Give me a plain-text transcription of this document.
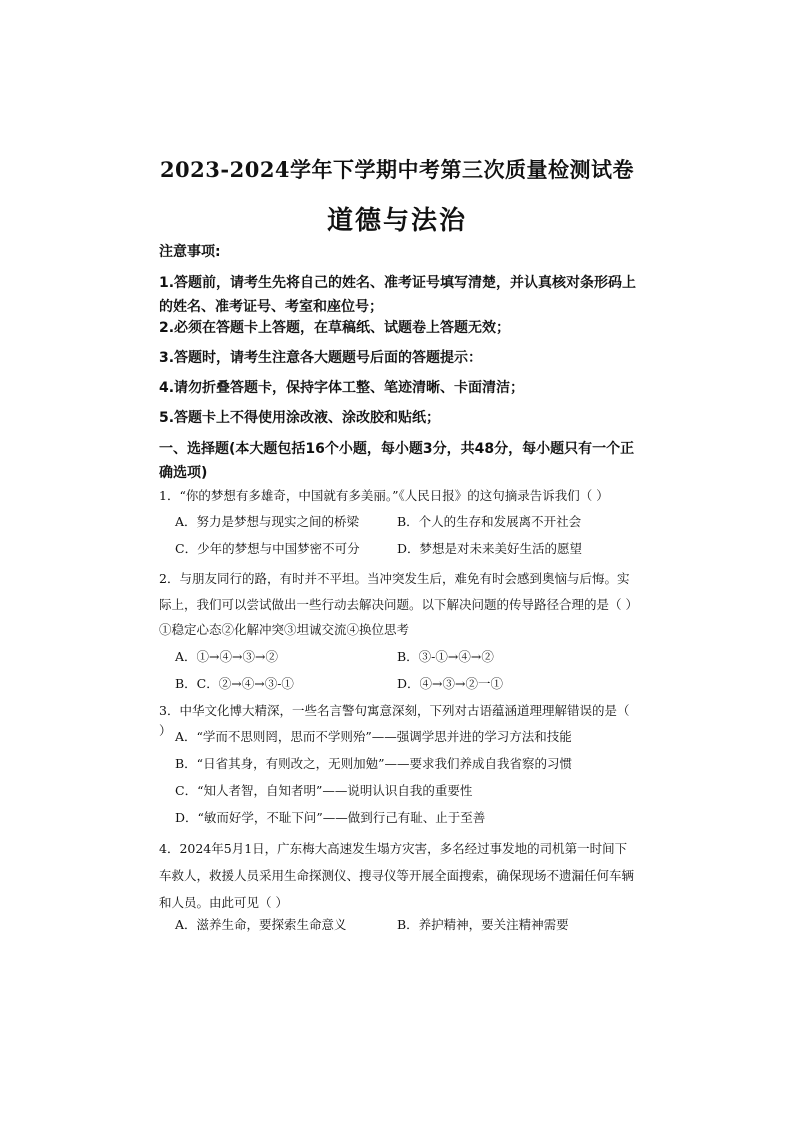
2023-2024学年下学期中考第三次质量检测试卷
道德与法治
注意事项:
1.答题前，请考生先将自己的姓名、准考证号填写清楚，并认真核对条形码上的姓名、准考证号、考室和座位号；
2.必须在答题卡上答题，在草稿纸、试题卷上答题无效；
3.答题时，请考生注意各大题题号后面的答题提示：
4.请勿折叠答题卡，保持字体工整、笔迹清晰、卡面清洁；
5.答题卡上不得使用涂改液、涂改胶和贴纸；
一、选择题(本大题包括16个小题，每小题3分，共48分，每小题只有一个正确选项)
1．“你的梦想有多雄奇，中国就有多美丽。”《人民日报》的这句摘录告诉我们（ ）
A．努力是梦想与现实之间的桥梁	B．个人的生存和发展离不开社会
C．少年的梦想与中国梦密不可分	D．梦想是对未来美好生活的愿望
2．与朋友同行的路，有时并不平坦。当冲突发生后，难免有时会感到奥恼与后悔。实际上，我们可以尝试做出一些行动去解决问题。以下解决问题的传导路径合理的是（ ）
①稳定心态②化解冲突③坦诚交流④换位思考
A．①→④→③→②	B．③-①→④→②
B．C．②→④→③-①	D．④→③→②一①
3．中华文化博大精深，一些名言警句寓意深刻，下列对古语蕴涵道理理解错误的是（ ） A．“学而不思则罔，思而不学则殆”——强调学思并进的学习方法和技能
B．“日省其身，有则改之，无则加勉”——要求我们养成自我省察的习惯
C．“知人者智，自知者明”——说明认识自我的重要性
D．“敏而好学，不耻下问”——做到行己有耻、止于至善
4．2024年5月1日，广东梅大高速发生塌方灾害，多名经过事发地的司机第一时间下车救人，救援人员采用生命探测仪、搜寻仪等开展全面搜索，确保现场不遗漏任何车辆和人员。由此可见（ ）
A．滋养生命，要探索生命意义	B．养护精神，要关注精神需要
